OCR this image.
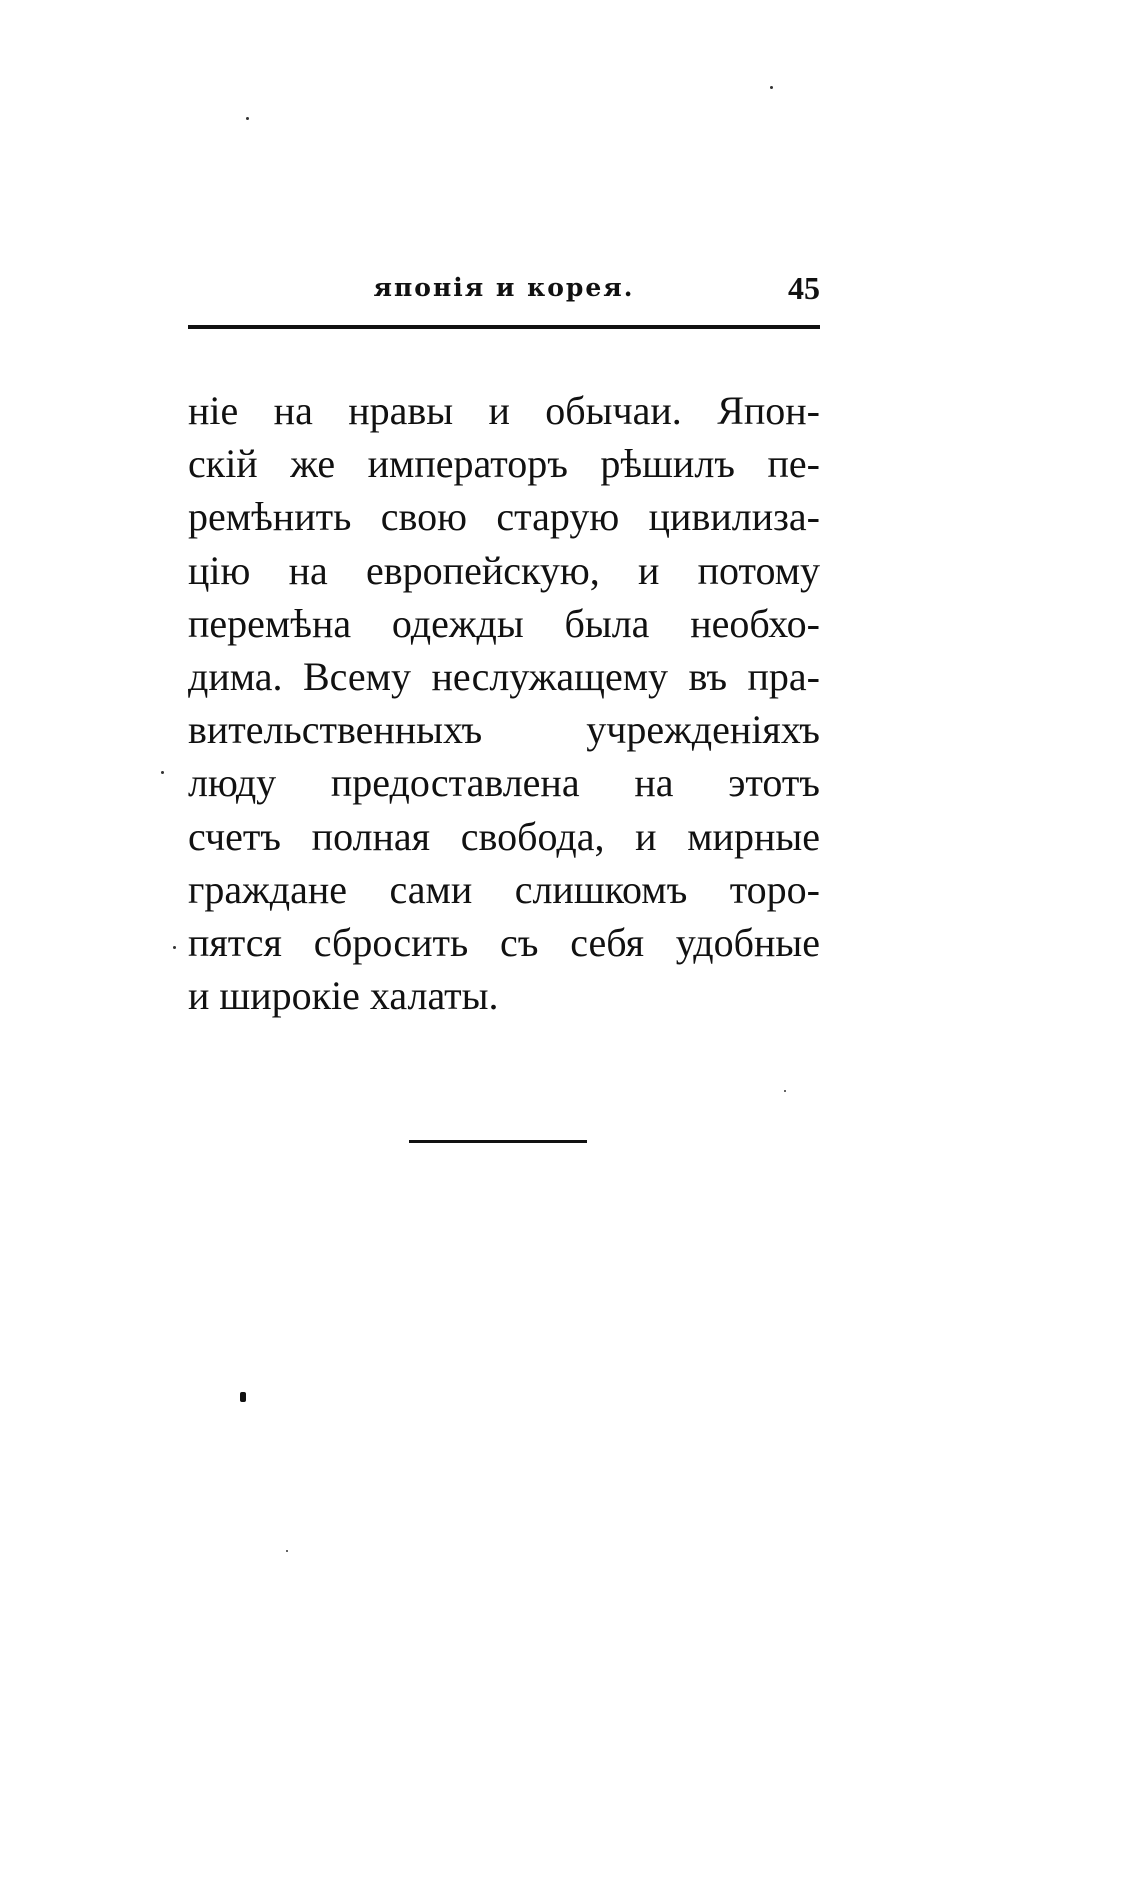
японія и корея.	45
ніе на нравы и обычаи. Япон-
скій же императоръ рѣшилъ пе-
ремѣнить свою старую цивилиза-
цію на европейскую, и потому
перемѣна одежды была необхо-
дима. Всему неслужащему въ пра-
вительственныхъ учрежденіяхъ
люду предоставлена на этотъ
счетъ полная свобода, и мирные
граждане сами слишкомъ торо-
пятся сбросить съ себя удобные
и широкіе халаты.
